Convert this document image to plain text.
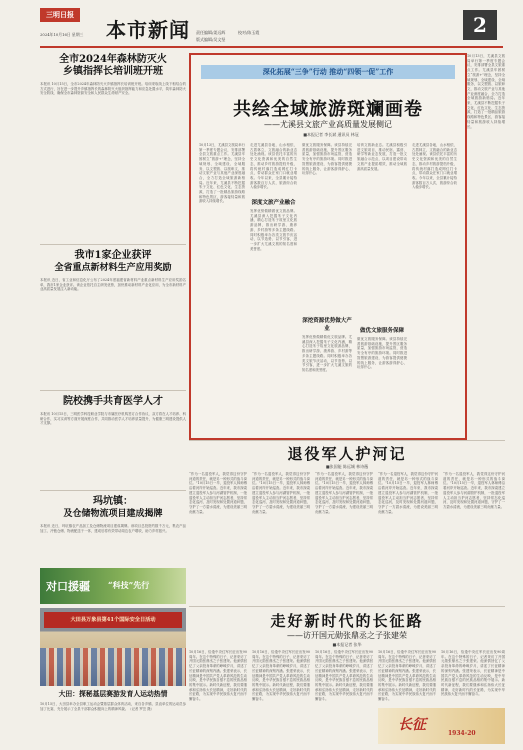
三明日报
2024年10月16日 星期三	本市新闻 责任编辑/姜远辉	校对/陈玉霞
版式编辑/吴文坚
2
全市2024年森林防灭火
乡镇指挥长培训班开班
本报讯 10月15日，全市2024年森林防灭火乡镇指挥长培训班开班。培训采取线上线下相结合的方式进行，旨在进一步提升乡镇指挥长的森林防灭火组织指挥能力和应急处置水平，筑牢森林防火安全防线，确保全市森林资源安全和人民群众生命财产安全。
我市1家企业获评
全省重点新材料生产应用奖励
本报讯 近日，省工业和信息化厅公布了2024年度福建省新材料产业重点新材料生产应用奖励名单，我市1家企业获评。该企业依托自主研发优势，加快推动新材料产业化应用，为全市新材料产业高质量发展注入新动能。
院校携手共育医学人才
本报讯 10月15日，三明医学科技职业学院与市属医疗机构签订合作协议，双方将在人才培养、科研合作、实习实训等方面开展深度合作，共同推动医学人才培养质量提升，为健康三明建设提供人才支撑。
玛坑镇：
及仓储物流项目建成揭牌
本报讯 近日，玛坑镇农产品加工及仓储物流项目建成揭牌。该项目总投资约数千万元，集农产品加工、冷链仓储、物流配送于一体，建成后将有效带动周边农户增收，助力乡村振兴。
深化拓展“三争”行动 推动“四领一促”工作
共绘全域旅游斑斓画卷
——尤溪县文旅产业高质量发展侧记
■本报记者 李长斌 通讯员 林冠
10月13日，尤溪县文旅局举行第一季度专题会议，安排部署全县文旅重点工作。尤溪县牢固树立“旅游+”理念，坚持全域规划、全域建设、全域服务，以文塑旅、以旅彰文，推动文旅产业与其他产业深度融合，全力打造全域旅游新格局。近年来，尤溪县不断挖掘朱子文化、红色文化、生态资源，打造了一批精品旅游线路和特色景区，游客接待量和旅游收入持续增长。
走进尤溪县各地，山水相依、古厝林立，文旅融合的新业态处处涌现。该县依托丰富的历史文化资源和优美的自然生态，推动乡村旅游提档升级，将传统村落打造成网红打卡点，带动群众在家门口就业增收。今年以来，全县累计接待游客数百万人次，旅游综合收入稳步增长。
深度文旅产业融合
发挥优势做精做优文旅品牌。尤溪县深入挖掘朱子文化内涵，精心打造朱子故里文化旅游品牌，推出研学游、康养游、乡村游等多条主题线路。同时积极举办各类文旅节庆活动，以节造势、以节引客，进一步扩大尤溪文旅的知名度和美誉度。
做优文旅服务保障。该县持续完善旅游基础设施，提升景区服务质量，加强旅游市场监管，营造安全有序的旅游环境。同时推进智慧旅游建设，为游客提供便捷的线上服务，让游客游得舒心、玩得开心。
深挖资源优势做大产业
发挥优势做精做优文旅品牌。尤溪县深入挖掘朱子文化内涵，精心打造朱子故里文化旅游品牌，推出研学游、康养游、乡村游等多条主题线路。同时积极举办各类文旅节庆活动，以节造势、以节引客，进一步扩大尤溪文旅的知名度和美誉度。
培育文旅新业态。尤溪县积极引进文旅项目，推动民宿、露营、研学等新业态发展，打造一批文旅融合示范点，以项目建设带动文旅产业提质增效，推动全域旅游高质量发展。
做优文旅服务保障
做优文旅服务保障。该县持续完善旅游基础设施，提升景区服务质量，加强旅游市场监管，营造安全有序的旅游环境。同时推进智慧旅游建设，为游客提供便捷的线上服务，让游客游得舒心、玩得开心。
走进尤溪县各地，山水相依、古厝林立，文旅融合的新业态处处涌现。该县依托丰富的历史文化资源和优美的自然生态，推动乡村旅游提档升级，将传统村落打造成网红打卡点，带动群众在家门口就业增收。今年以来，全县累计接待游客数百万人次，旅游综合收入稳步增长。
10月13日，尤溪县文旅局举行第一季度专题会议，安排部署全县文旅重点工作。尤溪县牢固树立“旅游+”理念，坚持全域规划、全域建设、全域服务，以文塑旅、以旅彰文，推动文旅产业与其他产业深度融合，全力打造全域旅游新格局。近年来，尤溪县不断挖掘朱子文化、红色文化、生态资源，打造了一批精品旅游线路和特色景区，游客接待量和旅游收入持续增长。
退役军人护河记
■张国能 陈远城 林诗薇
“作为一名退役军人，我觉得这份守护河道的责任，就是另一种形式的战斗岗位。”10月15日一早，退役军人林师傅沿着河岸开始巡查。近年来，我市探索建立退役军人参与河湖管护机制，一批退役军人主动担当护河志愿者，坚持常态化巡河，及时发现和处置河道问题，守护了一方碧水清流，为建设美丽三明贡献力量。
“作为一名退役军人，我觉得这份守护河道的责任，就是另一种形式的战斗岗位。”10月15日一早，退役军人林师傅沿着河岸开始巡查。近年来，我市探索建立退役军人参与河湖管护机制，一批退役军人主动担当护河志愿者，坚持常态化巡河，及时发现和处置河道问题，守护了一方碧水清流，为建设美丽三明贡献力量。
“作为一名退役军人，我觉得这份守护河道的责任，就是另一种形式的战斗岗位。”10月15日一早，退役军人林师傅沿着河岸开始巡查。近年来，我市探索建立退役军人参与河湖管护机制，一批退役军人主动担当护河志愿者，坚持常态化巡河，及时发现和处置河道问题，守护了一方碧水清流，为建设美丽三明贡献力量。
“作为一名退役军人，我觉得这份守护河道的责任，就是另一种形式的战斗岗位。”10月15日一早，退役军人林师傅沿着河岸开始巡查。近年来，我市探索建立退役军人参与河湖管护机制，一批退役军人主动担当护河志愿者，坚持常态化巡河，及时发现和处置河道问题，守护了一方碧水清流，为建设美丽三明贡献力量。
“作为一名退役军人，我觉得这份守护河道的责任，就是另一种形式的战斗岗位。”10月15日一早，退役军人林师傅沿着河岸开始巡查。近年来，我市探索建立退役军人参与河湖管护机制，一批退役军人主动担当护河志愿者，坚持常态化巡河，及时发现和处置河道问题，守护了一方碧水清流，为建设美丽三明贡献力量。
对口援疆 “科技”先行
大田县万象县第41个国际安全日活动
大田：探秘基层赛游发育人运动热情
10月15日，大田县举办全县职工运动会暨基层群众体育活动，来自各乡镇、县直单位的运动员参加了比赛，充分展示了全县干部群众积极向上的精神风貌。（记者 罗芸 摄）
走好新时代的长征路
——访开国元勋张鼎丞之子张建荣
■本报记者 张华
10月16日，恰逢中央红军长征出发90周年。在这个特殊的日子，记者采访了开国元勋张鼎丞之子张建荣。他深情回忆了父亲投身革命的峥嵘岁月，讲述了长征精神的深刻内涵。张建荣表示，长征精神是中国共产党人革命风范的生动反映，是中华民族自强不息的民族品格的集中展示。新时代新征程，我们要继承和弘扬伟大长征精神，走好新时代的长征路，为实现中华民族伟大复兴而不懈奋斗。
10月16日，恰逢中央红军长征出发90周年。在这个特殊的日子，记者采访了开国元勋张鼎丞之子张建荣。他深情回忆了父亲投身革命的峥嵘岁月，讲述了长征精神的深刻内涵。张建荣表示，长征精神是中国共产党人革命风范的生动反映，是中华民族自强不息的民族品格的集中展示。新时代新征程，我们要继承和弘扬伟大长征精神，走好新时代的长征路，为实现中华民族伟大复兴而不懈奋斗。
10月16日，恰逢中央红军长征出发90周年。在这个特殊的日子，记者采访了开国元勋张鼎丞之子张建荣。他深情回忆了父亲投身革命的峥嵘岁月，讲述了长征精神的深刻内涵。张建荣表示，长征精神是中国共产党人革命风范的生动反映，是中华民族自强不息的民族品格的集中展示。新时代新征程，我们要继承和弘扬伟大长征精神，走好新时代的长征路，为实现中华民族伟大复兴而不懈奋斗。
10月16日，恰逢中央红军长征出发90周年。在这个特殊的日子，记者采访了开国元勋张鼎丞之子张建荣。他深情回忆了父亲投身革命的峥嵘岁月，讲述了长征精神的深刻内涵。张建荣表示，长征精神是中国共产党人革命风范的生动反映，是中华民族自强不息的民族品格的集中展示。新时代新征程，我们要继承和弘扬伟大长征精神，走好新时代的长征路，为实现中华民族伟大复兴而不懈奋斗。
10月16日，恰逢中央红军长征出发90周年。在这个特殊的日子，记者采访了开国元勋张鼎丞之子张建荣。他深情回忆了父亲投身革命的峥嵘岁月，讲述了长征精神的深刻内涵。张建荣表示，长征精神是中国共产党人革命风范的生动反映，是中华民族自强不息的民族品格的集中展示。新时代新征程，我们要继承和弘扬伟大长征精神，走好新时代的长征路，为实现中华民族伟大复兴而不懈奋斗。
长征
1934-20
